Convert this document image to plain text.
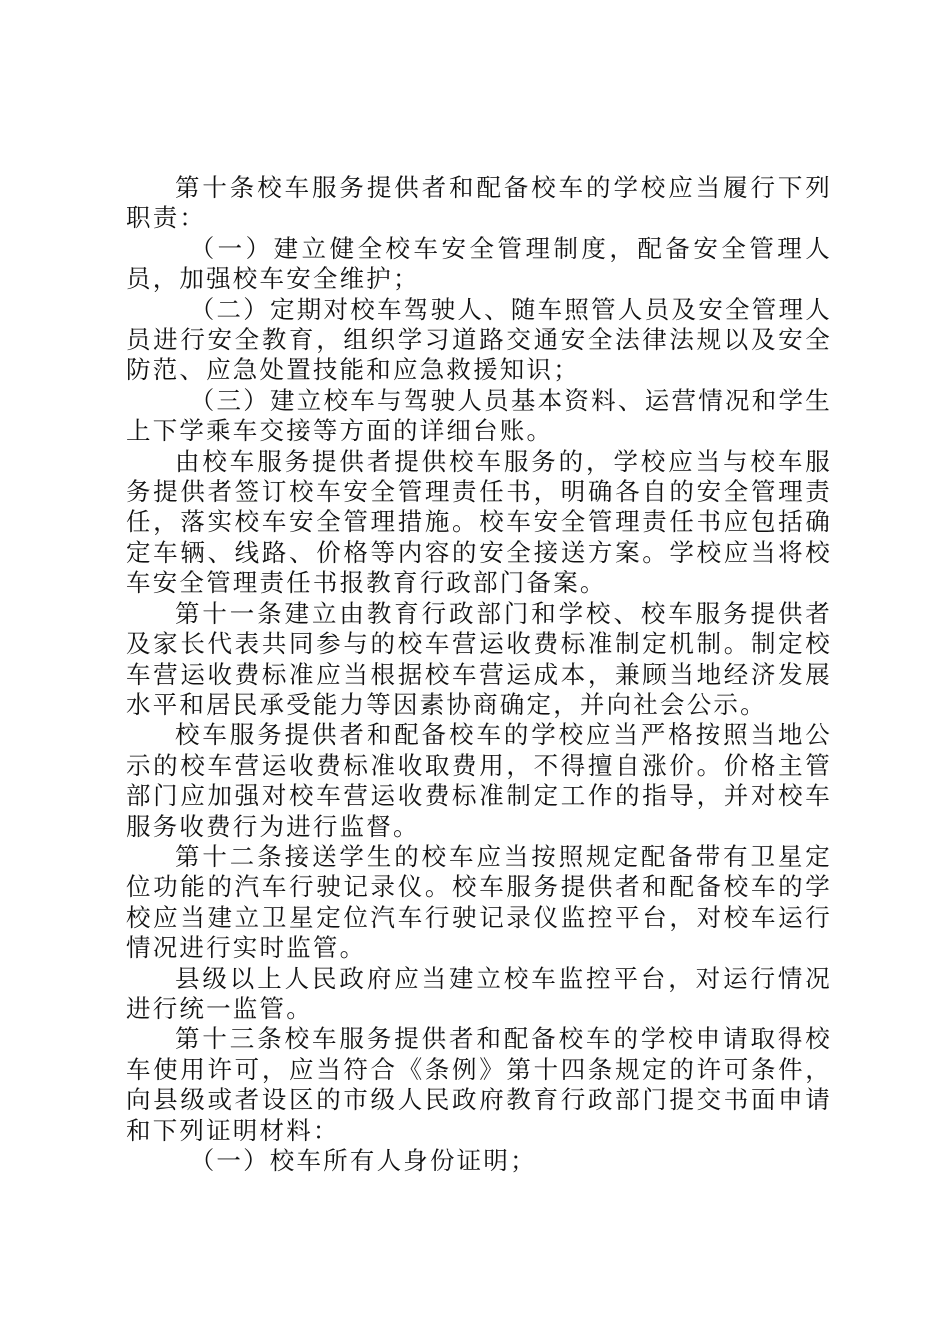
第十条校车服务提供者和配备校车的学校应当履行下列职责：

（一）建立健全校车安全管理制度，配备安全管理人员，加强校车安全维护；

（二）定期对校车驾驶人、随车照管人员及安全管理人员进行安全教育，组织学习道路交通安全法律法规以及安全防范、应急处置技能和应急救援知识；

（三）建立校车与驾驶人员基本资料、运营情况和学生上下学乘车交接等方面的详细台账。

由校车服务提供者提供校车服务的，学校应当与校车服务提供者签订校车安全管理责任书，明确各自的安全管理责任，落实校车安全管理措施。校车安全管理责任书应包括确定车辆、线路、价格等内容的安全接送方案。学校应当将校车安全管理责任书报教育行政部门备案。

第十一条建立由教育行政部门和学校、校车服务提供者及家长代表共同参与的校车营运收费标准制定机制。制定校车营运收费标准应当根据校车营运成本，兼顾当地经济发展水平和居民承受能力等因素协商确定，并向社会公示。

校车服务提供者和配备校车的学校应当严格按照当地公示的校车营运收费标准收取费用，不得擅自涨价。价格主管部门应加强对校车营运收费标准制定工作的指导，并对校车服务收费行为进行监督。

第十二条接送学生的校车应当按照规定配备带有卫星定位功能的汽车行驶记录仪。校车服务提供者和配备校车的学校应当建立卫星定位汽车行驶记录仪监控平台，对校车运行情况进行实时监管。

县级以上人民政府应当建立校车监控平台，对运行情况进行统一监管。

第十三条校车服务提供者和配备校车的学校申请取得校车使用许可，应当符合《条例》第十四条规定的许可条件，向县级或者设区的市级人民政府教育行政部门提交书面申请和下列证明材料：

（一）校车所有人身份证明；
